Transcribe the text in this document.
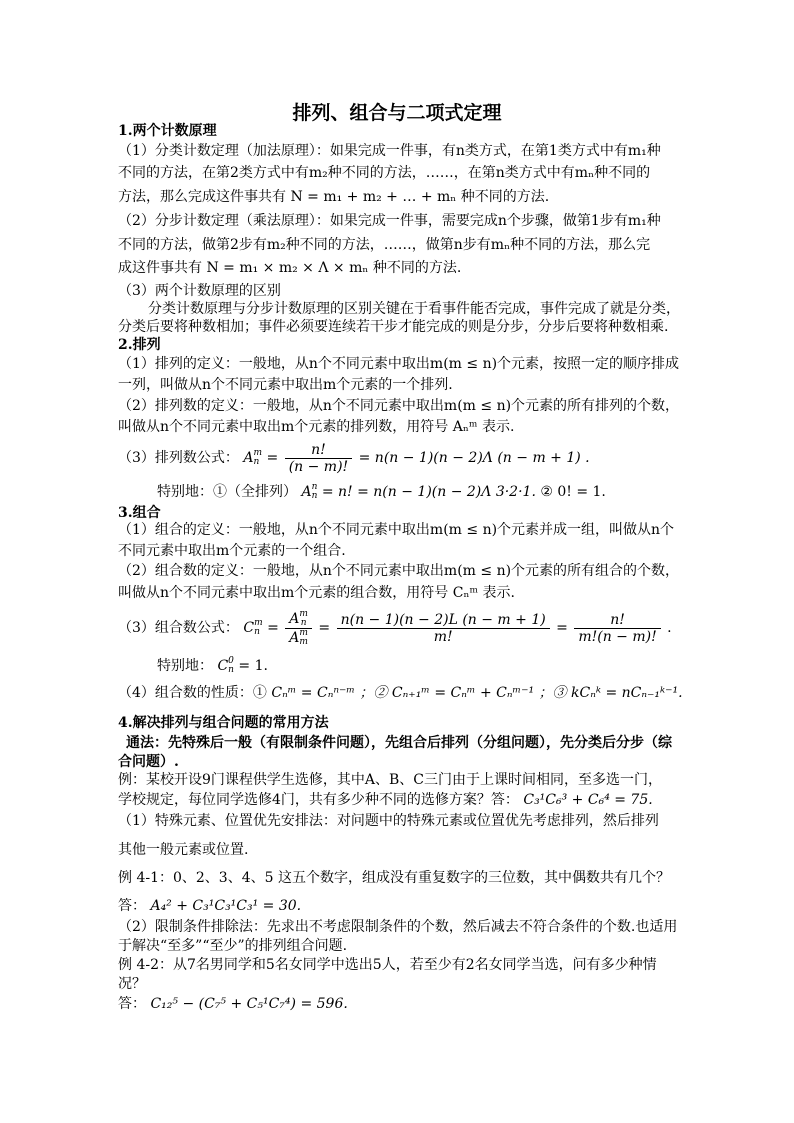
排列、组合与二项式定理
1.两个计数原理
（1）分类计数定理（加法原理）：如果完成一件事，有n类方式，在第1类方式中有m₁种
不同的方法，在第2类方式中有m₂种不同的方法，……，在第n类方式中有mₙ种不同的
方法，那么完成这件事共有 N = m₁ + m₂ + … + mₙ 种不同的方法.
（2）分步计数定理（乘法原理）：如果完成一件事，需要完成n个步骤，做第1步有m₁种
不同的方法，做第2步有m₂种不同的方法，……，做第n步有mₙ种不同的方法，那么完
成这件事共有 N = m₁ × m₂ × Λ × mₙ 种不同的方法.
（3）两个计数原理的区别
分类计数原理与分步计数原理的区别关键在于看事件能否完成，事件完成了就是分类，
分类后要将种数相加；事件必须要连续若干步才能完成的则是分步，分步后要将种数相乘.
2.排列
（1）排列的定义：一般地，从n个不同元素中取出m(m ≤ n)个元素，按照一定的顺序排成
一列，叫做从n个不同元素中取出m个元素的一个排列.
（2）排列数的定义：一般地，从n个不同元素中取出m(m ≤ n)个元素的所有排列的个数，
叫做从n个不同元素中取出m个元素的排列数，用符号 Aₙᵐ 表示.
（3）排列数公式： A m
$n = \frac{n!}{(n - m)!} = n(n - 1)(n - 2)\Lambda$ (n − m + 1) .
特别地：①（全排列） A n
n = n! = n(n − 1)(n − 2)Λ 3·2·1. ② 0! = 1.
3.组合
（1）组合的定义：一般地，从n个不同元素中取出m(m ≤ n)个元素并成一组，叫做从n个
不同元素中取出m个元素的一个组合.
（2）组合数的定义：一般地，从n个不同元素中取出m(m ≤ n)个元素的所有组合的个数，
叫做从n个不同元素中取出m个元素的组合数，用符号 Cₙᵐ 表示.
（3）组合数公式： C m
n = A m
n
A m
$m = \frac{n(n - 1)(n - 2)L (n - m + 1)}{m!} = \frac{n!}{m!(n - m)!}$ .
特别地： C 0
n = 1.
（4）组合数的性质：① Cₙᵐ = Cₙⁿ⁻ᵐ ；② Cₙ₊₁ᵐ = Cₙᵐ + Cₙᵐ⁻¹ ；③ kCₙᵏ = nCₙ₋₁ᵏ⁻¹.
4.解决排列与组合问题的常用方法
通法：先特殊后一般（有限制条件问题），先组合后排列（分组问题），先分类后分步（综
合问题）.
例：某校开设9门课程供学生选修，其中A、B、C三门由于上课时间相同，至多选一门，
学校规定，每位同学选修4门，共有多少种不同的选修方案？答： C₃¹C₆³ + C₆⁴ = 75.
（1）特殊元素、位置优先安排法：对问题中的特殊元素或位置优先考虑排列，然后排列
其他一般元素或位置.
例 4-1：0、2、3、4、5 这五个数字，组成没有重复数字的三位数，其中偶数共有几个？
答： A₄² + C₃¹C₃¹C₃¹ = 30.
（2）限制条件排除法：先求出不考虑限制条件的个数，然后减去不符合条件的个数.也适用
于解决“至多”“至少”的排列组合问题.
例 4-2：从7名男同学和5名女同学中选出5人，若至少有2名女同学当选，问有多少种情
况？
答： C₁₂⁵ − (C₇⁵ + C₅¹C₇⁴) = 596.
